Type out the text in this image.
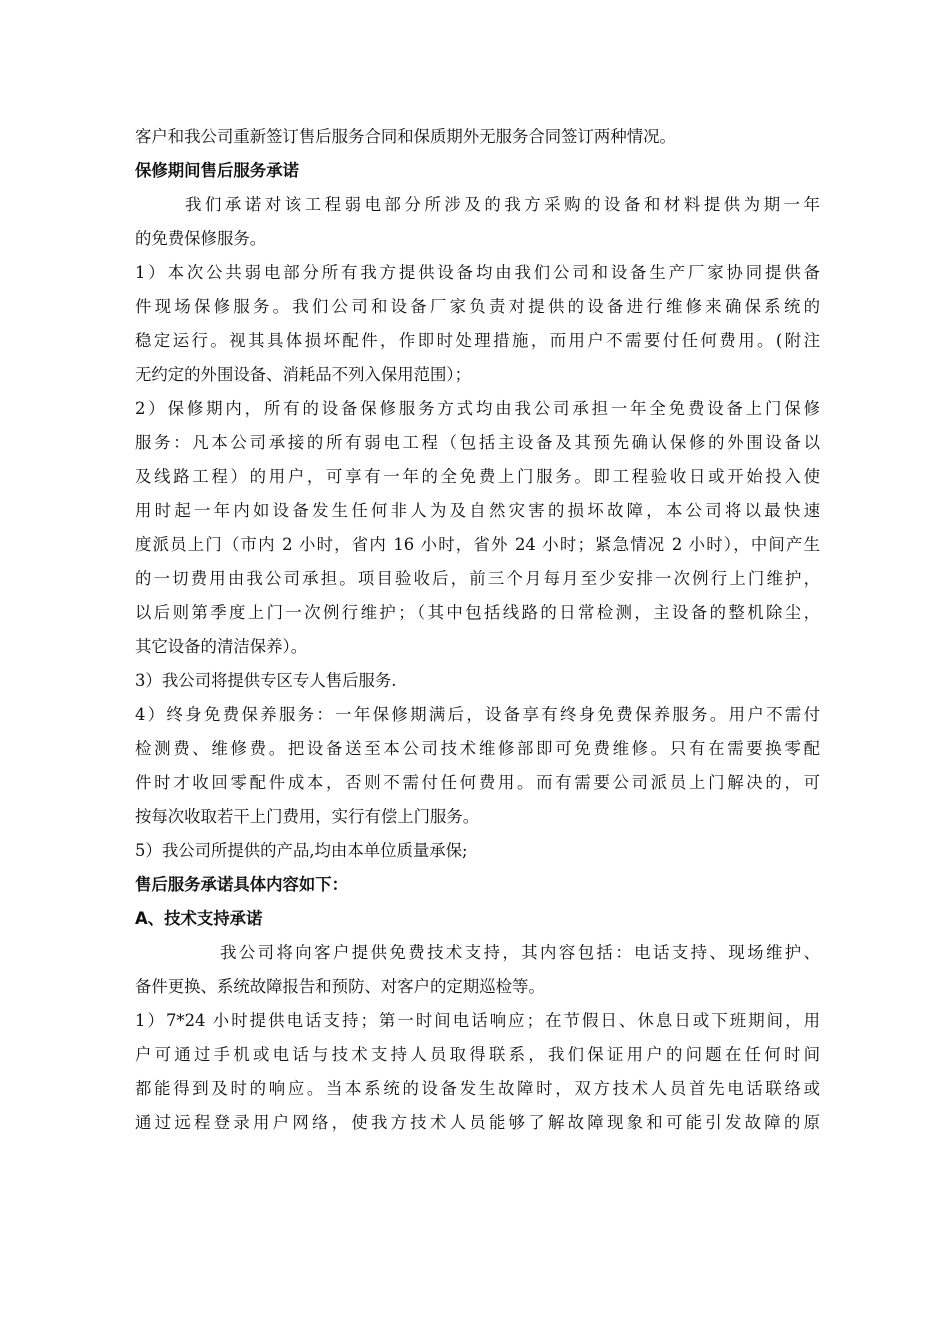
客户和我公司重新签订售后服务合同和保质期外无服务合同签订两种情况。
保修期间售后服务承诺
我们承诺对该工程弱电部分所涉及的我方采购的设备和材料提供为期一年
的免费保修服务。
1）本次公共弱电部分所有我方提供设备均由我们公司和设备生产厂家协同提供备
件现场保修服务。我们公司和设备厂家负责对提供的设备进行维修来确保系统的
稳定运行。视其具体损坏配件，作即时处理措施，而用户不需要付任何费用。(附注
无约定的外围设备、消耗品不列入保用范围）；
2）保修期内，所有的设备保修服务方式均由我公司承担一年全免费设备上门保修
服务：凡本公司承接的所有弱电工程（包括主设备及其预先确认保修的外围设备以
及线路工程）的用户，可享有一年的全免费上门服务。即工程验收日或开始投入使
用时起一年内如设备发生任何非人为及自然灾害的损坏故障，本公司将以最快速
度派员上门（市内 2 小时，省内 16 小时，省外 24 小时；紧急情况 2 小时），中间产生
的一切费用由我公司承担。项目验收后，前三个月每月至少安排一次例行上门维护，
以后则第季度上门一次例行维护；（其中包括线路的日常检测，主设备的整机除尘，
其它设备的清洁保养）。
3）我公司将提供专区专人售后服务.
4）终身免费保养服务：一年保修期满后，设备享有终身免费保养服务。用户不需付
检测费、维修费。把设备送至本公司技术维修部即可免费维修。只有在需要换零配
件时才收回零配件成本，否则不需付任何费用。而有需要公司派员上门解决的，可
按每次收取若干上门费用，实行有偿上门服务。
5）我公司所提供的产品,均由本单位质量承保;
售后服务承诺具体内容如下：
A、技术支持承诺
我公司将向客户提供免费技术支持，其内容包括：电话支持、现场维护、
备件更换、系统故障报告和预防、对客户的定期巡检等。
1）7*24 小时提供电话支持；第一时间电话响应；在节假日、休息日或下班期间，用
户可通过手机或电话与技术支持人员取得联系，我们保证用户的问题在任何时间
都能得到及时的响应。当本系统的设备发生故障时，双方技术人员首先电话联络或
通过远程登录用户网络，使我方技术人员能够了解故障现象和可能引发故障的原
